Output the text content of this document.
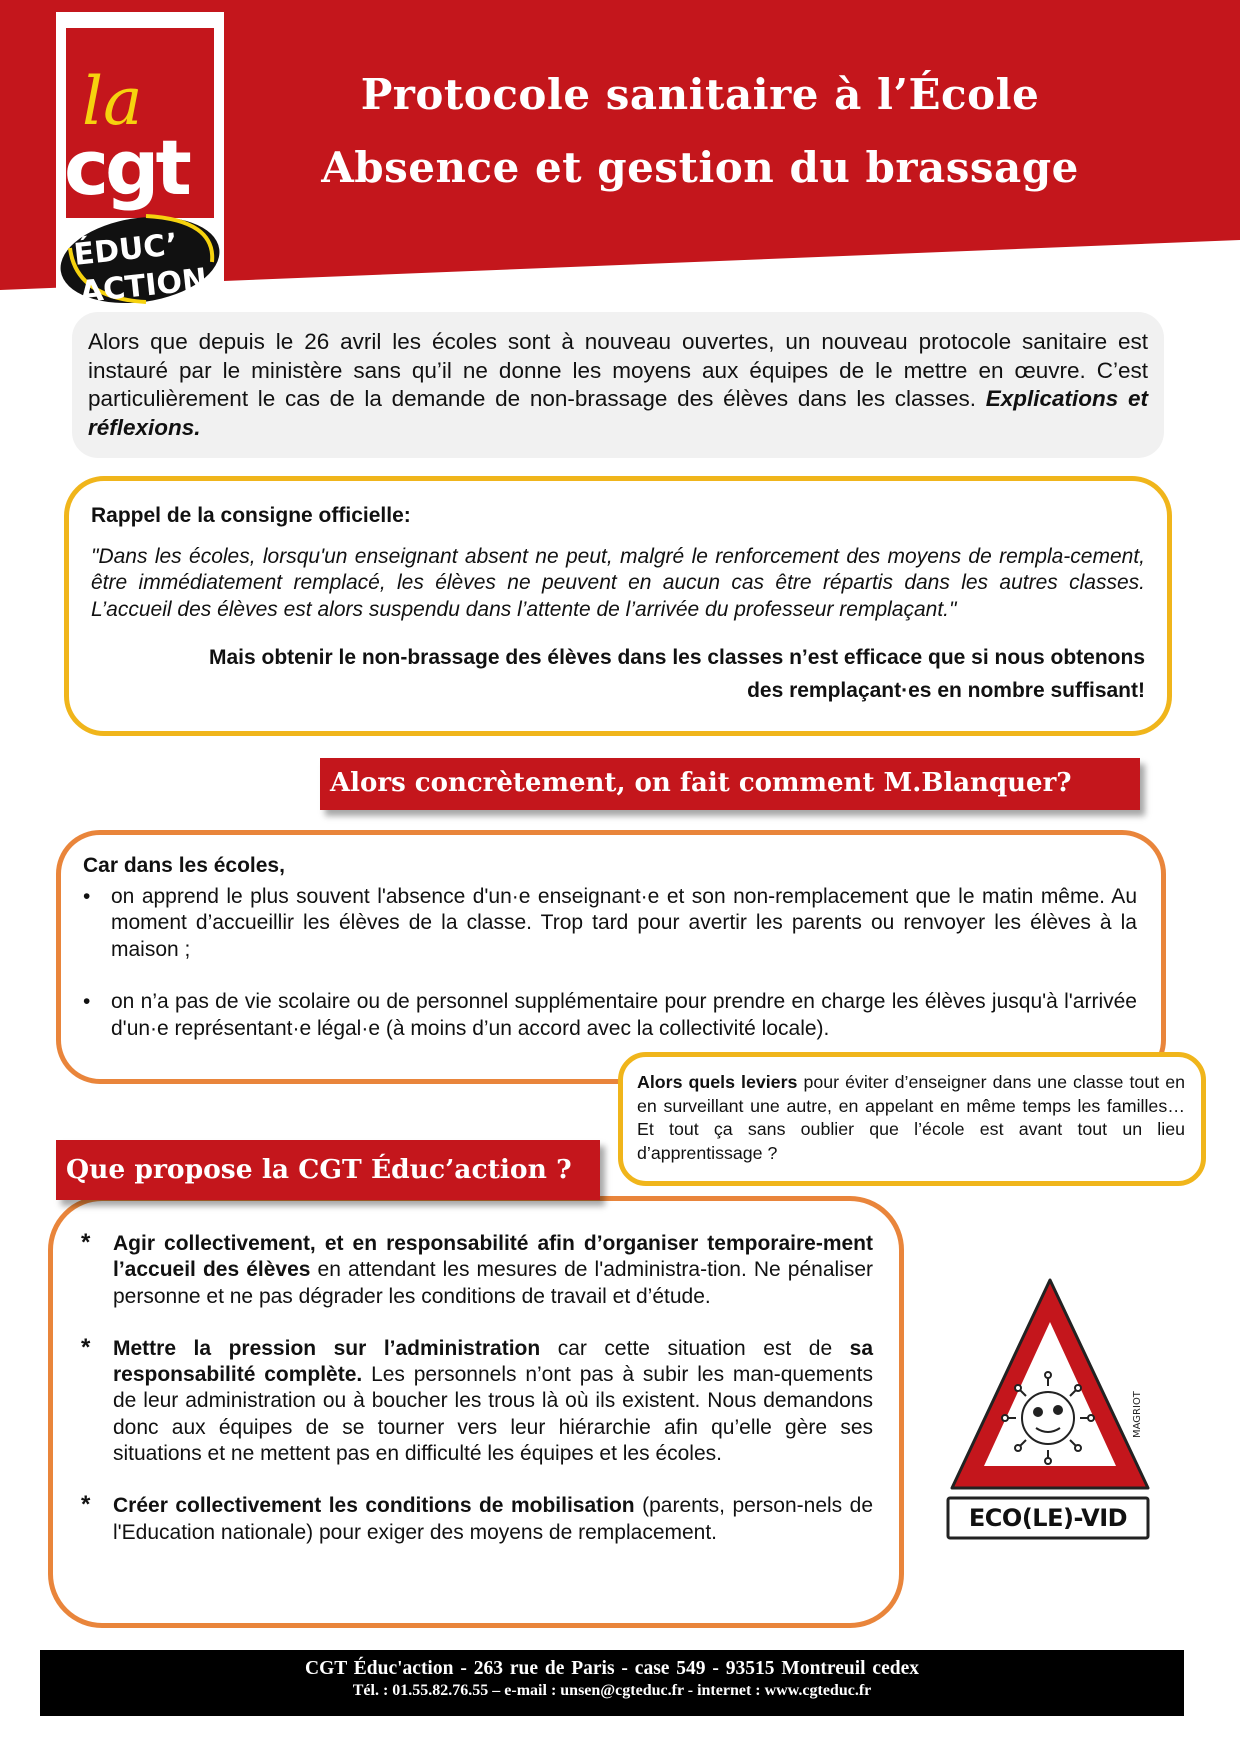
la
cgt
ÉDUC’
ACTION
Protocole sanitaire à l’École
Absence et gestion du brassage
Alors que depuis le 26 avril les écoles sont à nouveau ouvertes, un nouveau protocole sanitaire est instauré par le ministère sans qu’il ne donne les moyens aux équipes de le mettre en œuvre. C’est particulièrement le cas de la demande de non-brassage des élèves dans les classes. Explications et réflexions.
Rappel de la consigne officielle:
"Dans les écoles, lorsqu'un enseignant absent ne peut, malgré le renforcement des moyens de rempla-cement, être immédiatement remplacé, les élèves ne peuvent en aucun cas être répartis dans les autres classes. L’accueil des élèves est alors suspendu dans l’attente de l’arrivée du professeur remplaçant."
Mais obtenir le non-brassage des élèves dans les classes n’est efficace que si nous obtenons
des remplaçant·es en nombre suffisant!
Car dans les écoles,
• on apprend le plus souvent l'absence d'un·e enseignant·e et son non-remplacement que le matin même. Au moment d’accueillir les élèves de la classe. Trop tard pour avertir les parents ou renvoyer les élèves à la maison ;
• on n’a pas de vie scolaire ou de personnel supplémentaire pour prendre en charge les élèves jusqu'à l'arrivée d'un·e représentant·e légal·e (à moins d’un accord avec la collectivité locale).
Alors concrètement, on fait comment M.Blanquer?
Alors quels leviers pour éviter d’enseigner dans une classe tout en en surveillant une autre, en appelant en même temps les familles… Et tout ça sans oublier que l’école est avant tout un lieu d’apprentissage ?
* Agir collectivement, et en responsabilité afin d’organiser temporaire-ment l’accueil des élèves en attendant les mesures de l'administra-tion. Ne pénaliser personne et ne pas dégrader les conditions de travail et d’étude.
* Mettre la pression sur l’administration car cette situation est de sa responsabilité complète. Les personnels n’ont pas à subir les man-quements de leur administration ou à boucher les trous là où ils existent. Nous demandons donc aux équipes de se tourner vers leur hiérarchie afin qu’elle gère ses situations et ne mettent pas en difficulté les équipes et les écoles.
* Créer collectivement les conditions de mobilisation (parents, person-nels de l'Education nationale) pour exiger des moyens de remplacement.
Que propose la CGT Éduc’action ?
MAGRIOT
ECO(LE)-VID
CGT Éduc'action - 263 rue de Paris - case 549 - 93515 Montreuil cedex
Tél. : 01.55.82.76.55 – e-mail : unsen@cgteduc.fr - internet : www.cgteduc.fr
